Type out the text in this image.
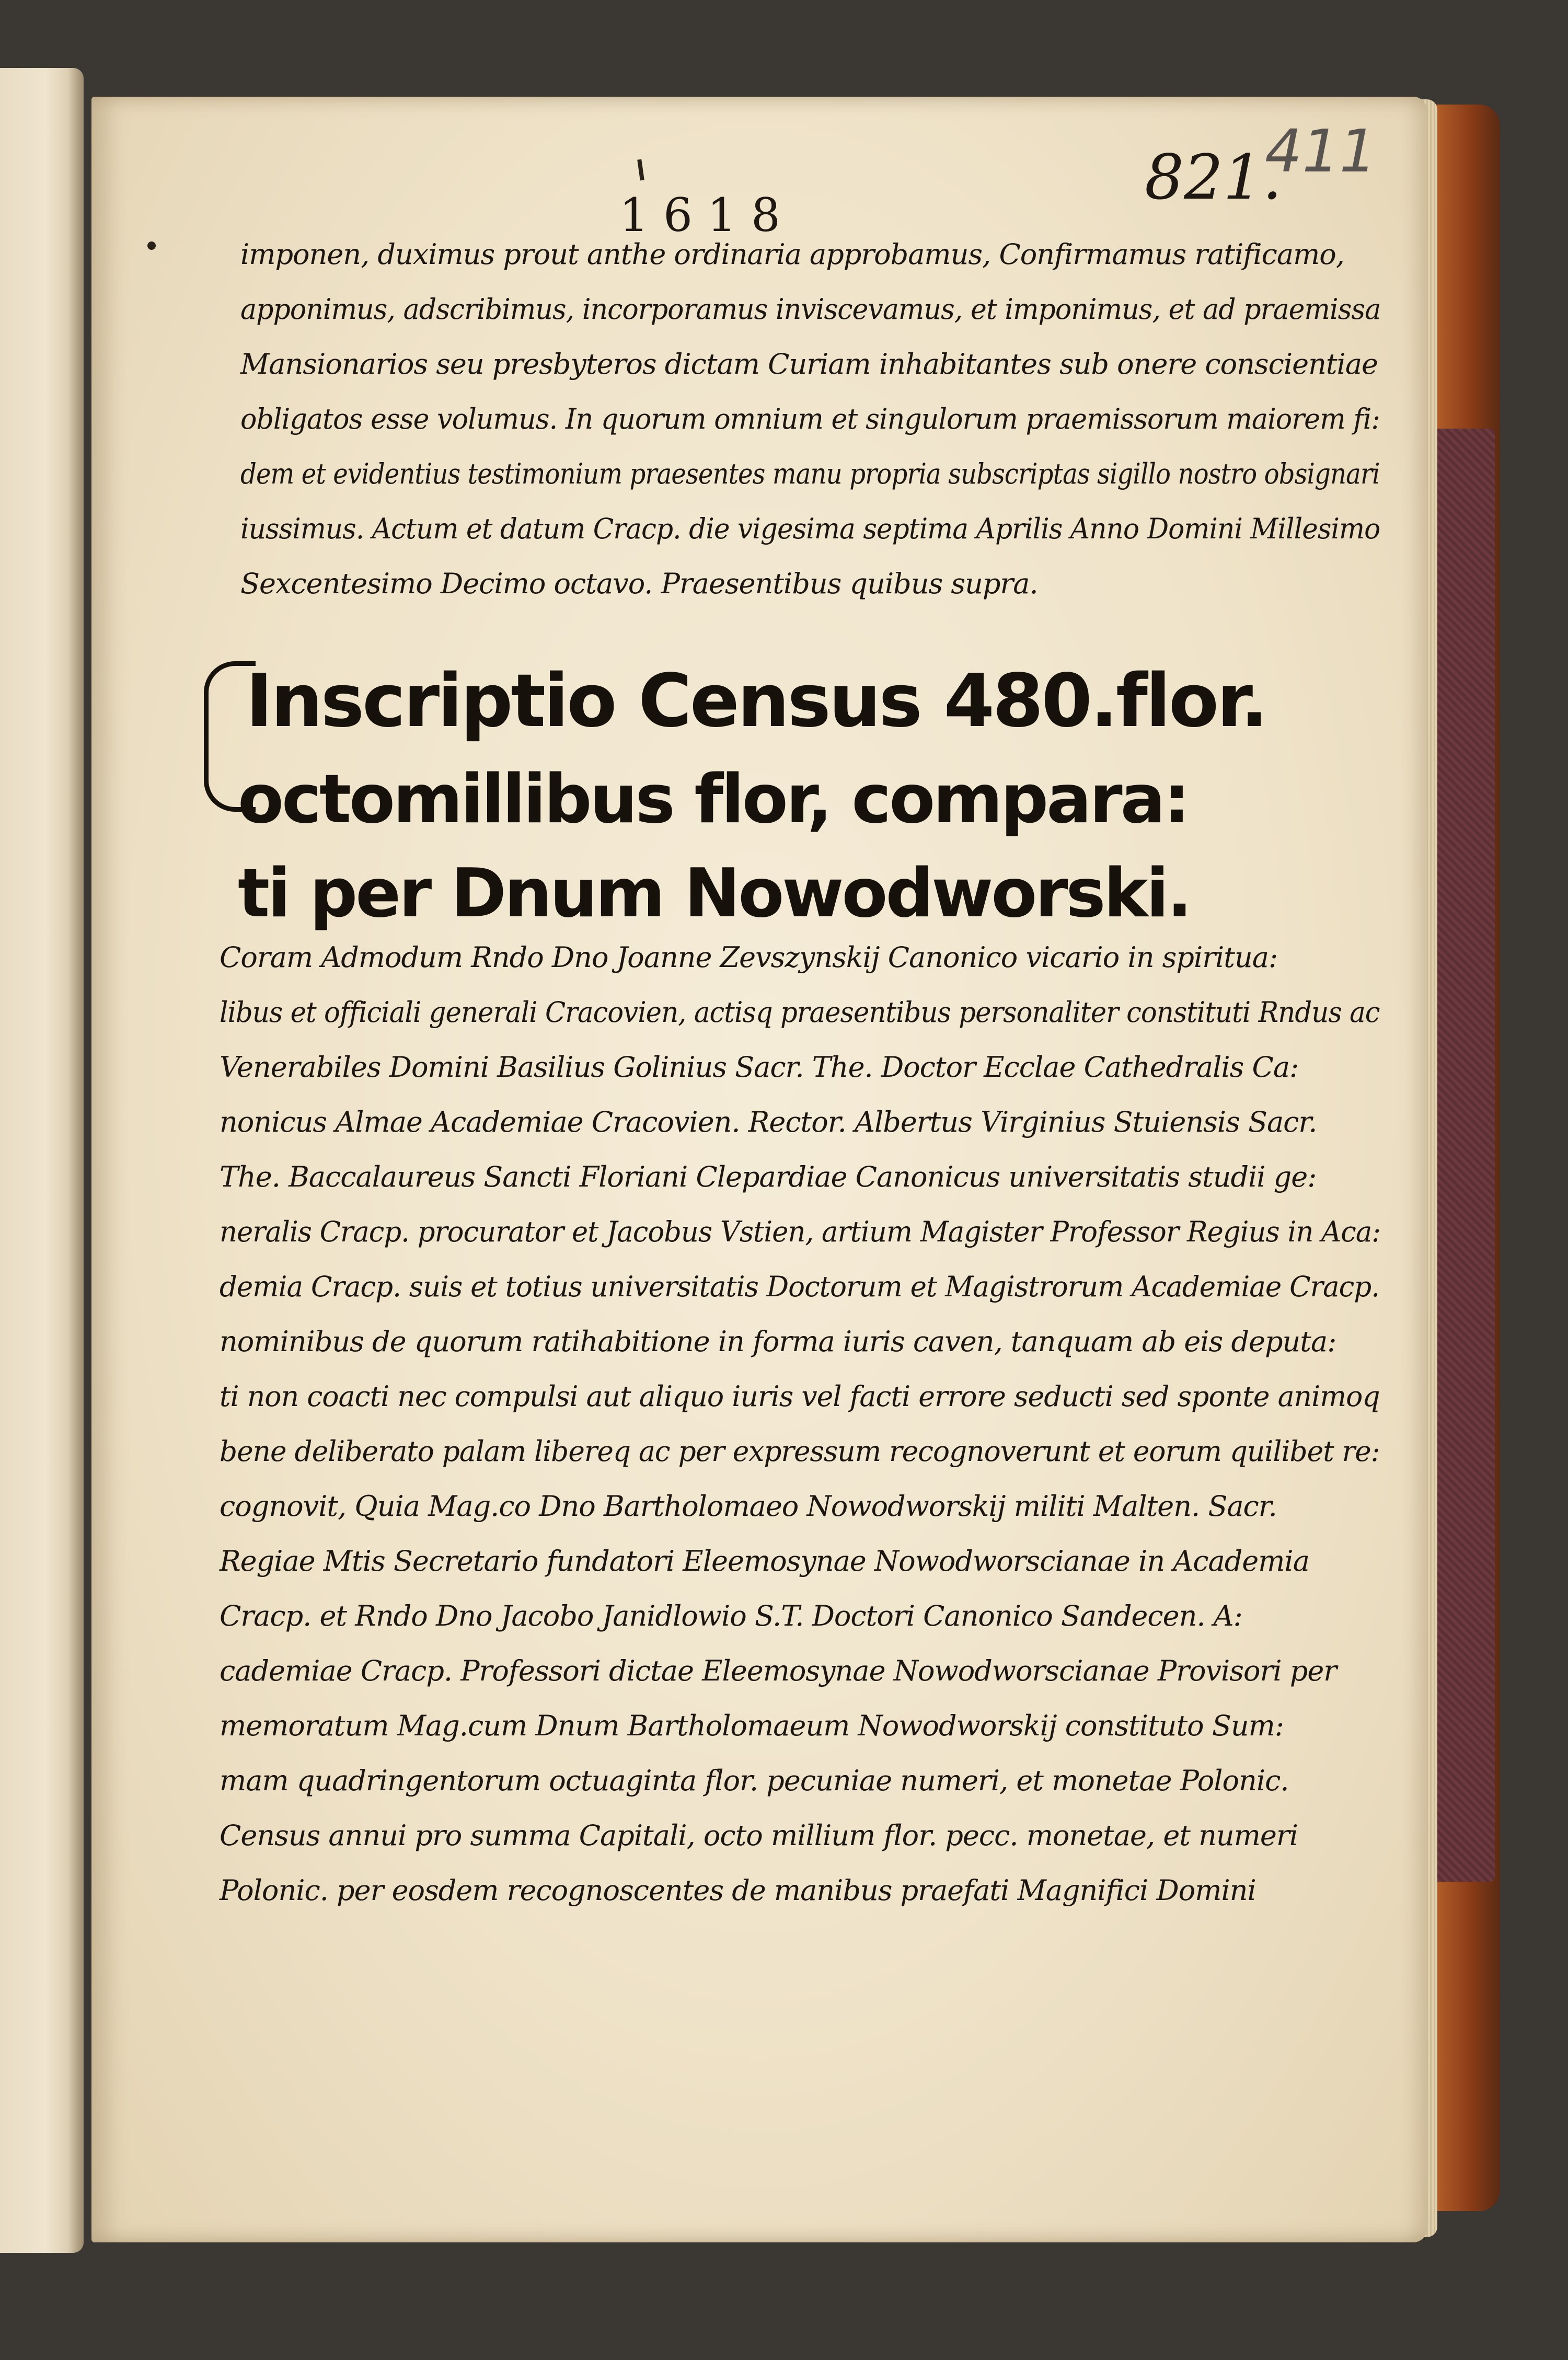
821.
411
1618
imponen, duximus prout anthe ordinaria approbamus, Confirmamus ratificamo,
apponimus, adscribimus, incorporamus inviscevamus, et imponimus, et ad praemissa
Mansionarios seu presbyteros dictam Curiam inhabitantes sub onere conscientiae
obligatos esse volumus. In quorum omnium et singulorum praemissorum maiorem fi:
dem et evidentius testimonium praesentes manu propria subscriptas sigillo nostro obsignari
iussimus. Actum et datum Cracp. die vigesima septima Aprilis Anno Domini Millesimo
Sexcentesimo Decimo octavo. Praesentibus quibus supra.
Inscriptio Census 480.flor.
octomillibus flor, compara:
ti per Dnum Nowodworski.
Coram Admodum Rndo Dno Joanne Zevszynskij Canonico vicario in spiritua:
libus et officiali generali Cracovien, actisq praesentibus personaliter constituti Rndus ac
Venerabiles Domini Basilius Golinius Sacr. The. Doctor Ecclae Cathedralis Ca:
nonicus Almae Academiae Cracovien. Rector. Albertus Virginius Stuiensis Sacr.
The. Baccalaureus Sancti Floriani Clepardiae Canonicus universitatis studii ge:
neralis Cracp. procurator et Jacobus Vstien, artium Magister Professor Regius in Aca:
demia Cracp. suis et totius universitatis Doctorum et Magistrorum Academiae Cracp.
nominibus de quorum ratihabitione in forma iuris caven, tanquam ab eis deputa:
ti non coacti nec compulsi aut aliquo iuris vel facti errore seducti sed sponte animoq
bene deliberato palam libereq ac per expressum recognoverunt et eorum quilibet re:
cognovit, Quia Mag.co Dno Bartholomaeo Nowodworskij militi Malten. Sacr.
Regiae Mtis Secretario fundatori Eleemosynae Nowodworscianae in Academia
Cracp. et Rndo Dno Jacobo Janidlowio S.T. Doctori Canonico Sandecen. A:
cademiae Cracp. Professori dictae Eleemosynae Nowodworscianae Provisori per
memoratum Mag.cum Dnum Bartholomaeum Nowodworskij constituto Sum:
mam quadringentorum octuaginta flor. pecuniae numeri, et monetae Polonic.
Census annui pro summa Capitali, octo millium flor. pecc. monetae, et numeri
Polonic. per eosdem recognoscentes de manibus praefati Magnifici Domini
